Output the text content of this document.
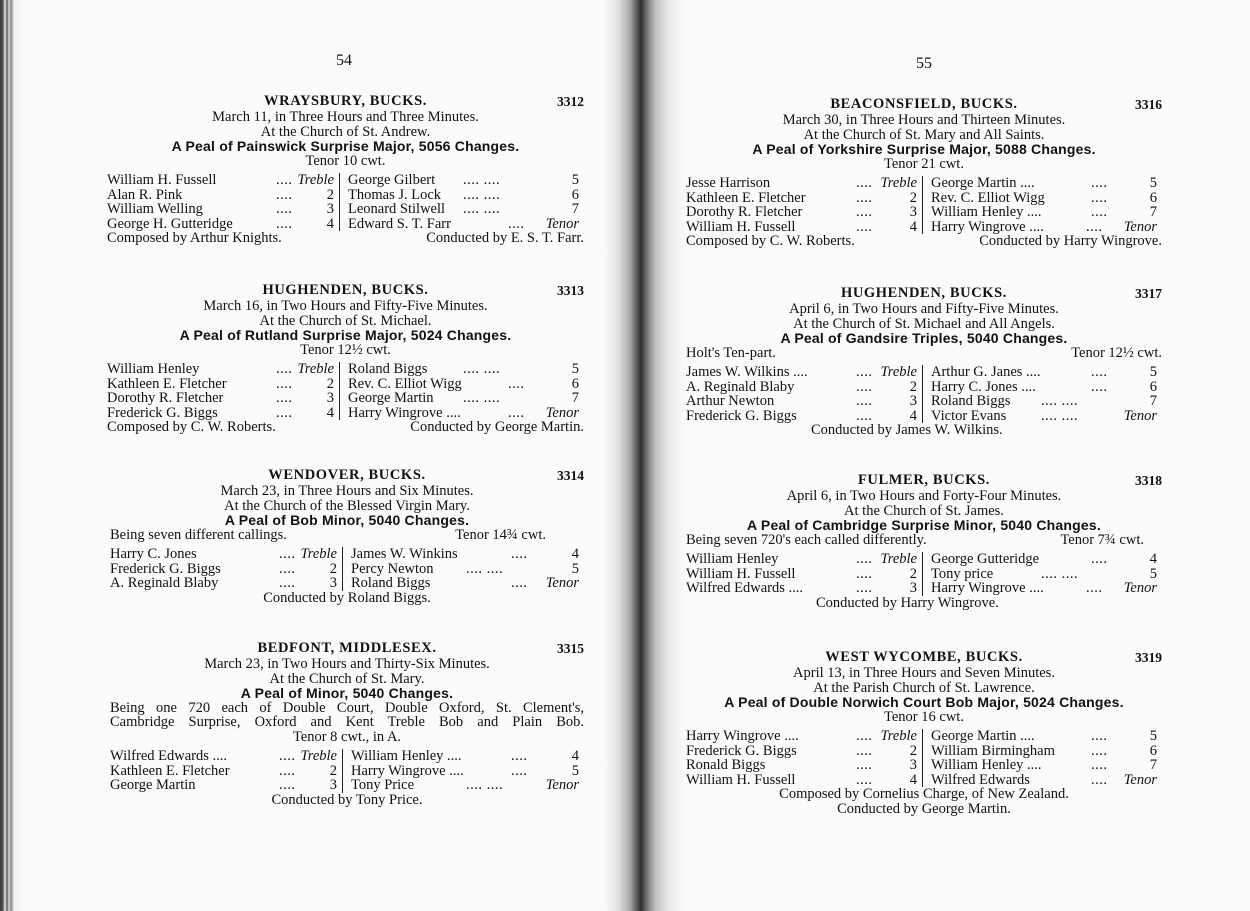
54
WRAYSBURY, BUCKS.	3312
March 11, in Three Hours and Three Minutes.
At the Church of St. Andrew.
A Peal of Painswick Surprise Major, 5056 Changes.
Tenor 10 cwt.
William H. Fussell	.... Treble
Alan R. Pink	.... 2
William Welling	.... 3
George H. Gutteridge	.... 4
George Gilbert .... ....	5
Thomas J. Lock .... ....	6
Leonard Stilwell .... ....	7
Edward S. T. Farr	.... Tenor
Composed by Arthur Knights.	Conducted by E. S. T. Farr.
HUGHENDEN, BUCKS.	3313
March 16, in Two Hours and Fifty-Five Minutes.
At the Church of St. Michael.
A Peal of Rutland Surprise Major, 5024 Changes.
Tenor 12½ cwt.
William Henley	.... Treble
Kathleen E. Fletcher	.... 2
Dorothy R. Fletcher	.... 3
Frederick G. Biggs	.... 4
Roland Biggs .... ....	5
Rev. C. Elliot Wigg	....	6
George Martin .... ....	7
Harry Wingrove ....	.... Tenor
Composed by C. W. Roberts.	Conducted by George Martin.
WENDOVER, BUCKS.	3314
March 23, in Three Hours and Six Minutes.
At the Church of the Blessed Virgin Mary.
A Peal of Bob Minor, 5040 Changes.
Being seven different callings.	Tenor 14¾ cwt.
Harry C. Jones	.... Treble
Frederick G. Biggs	.... 2
A. Reginald Blaby	.... 3
James W. Winkins	....	4
Percy Newton .... ....	5
Roland Biggs	.... Tenor
Conducted by Roland Biggs.
BEDFONT, MIDDLESEX.	3315
March 23, in Two Hours and Thirty-Six Minutes.
At the Church of St. Mary.
A Peal of Minor, 5040 Changes.
Being one 720 each of Double Court, Double Oxford, St. Clement's,
Cambridge Surprise, Oxford and Kent Treble Bob and Plain Bob.
Tenor 8 cwt., in A.
Wilfred Edwards ....	.... Treble
Kathleen E. Fletcher	.... 2
George Martin	.... 3
William Henley ....	....	4
Harry Wingrove ....	....	5
Tony Price	.... ....	Tenor
Conducted by Tony Price.
55
BEACONSFIELD, BUCKS.	3316
March 30, in Three Hours and Thirteen Minutes.
At the Church of St. Mary and All Saints.
A Peal of Yorkshire Surprise Major, 5088 Changes.
Tenor 21 cwt.
Jesse Harrison	.... Treble
Kathleen E. Fletcher	....	2
Dorothy R. Fletcher	....	3
William H. Fussell	....	4
George Martin ....	....	5
Rev. C. Elliot Wigg	....	6
William Henley ....	....	7
Harry Wingrove ....	.... Tenor
Composed by C. W. Roberts.	Conducted by Harry Wingrove.
HUGHENDEN, BUCKS.	3317
April 6, in Two Hours and Fifty-Five Minutes.
At the Church of St. Michael and All Angels.
A Peal of Gandsire Triples, 5040 Changes.
Holt's Ten-part.	Tenor 12½ cwt.
James W. Wilkins ....	.... Treble
A. Reginald Blaby	....	2
Arthur Newton	....	3
Frederick G. Biggs	....	4
Arthur G. Janes ....	....	5
Harry C. Jones ....	....	6
Roland Biggs .... ....	7
Victor Evans .... ....	Tenor
Conducted by James W. Wilkins.
FULMER, BUCKS.	3318
April 6, in Two Hours and Forty-Four Minutes.
At the Church of St. James.
A Peal of Cambridge Surprise Minor, 5040 Changes.
Being seven 720's each called differently.	Tenor 7¾ cwt.
William Henley	.... Treble
William H. Fussell	....	2
Wilfred Edwards ....	....	3
George Gutteridge	....	4
Tony price	.... ....	5
Harry Wingrove ....	.... Tenor
Conducted by Harry Wingrove.
WEST WYCOMBE, BUCKS.	3319
April 13, in Three Hours and Seven Minutes.
At the Parish Church of St. Lawrence.
A Peal of Double Norwich Court Bob Major, 5024 Changes.
Tenor 16 cwt.
Harry Wingrove ....	.... Treble
Frederick G. Biggs	....	2
Ronald Biggs	....	3
William H. Fussell	....	4
George Martin ....	....	5
William Birmingham ....	6
William Henley ....	....	7
Wilfred Edwards	.... Tenor
Composed by Cornelius Charge, of New Zealand.
Conducted by George Martin.
